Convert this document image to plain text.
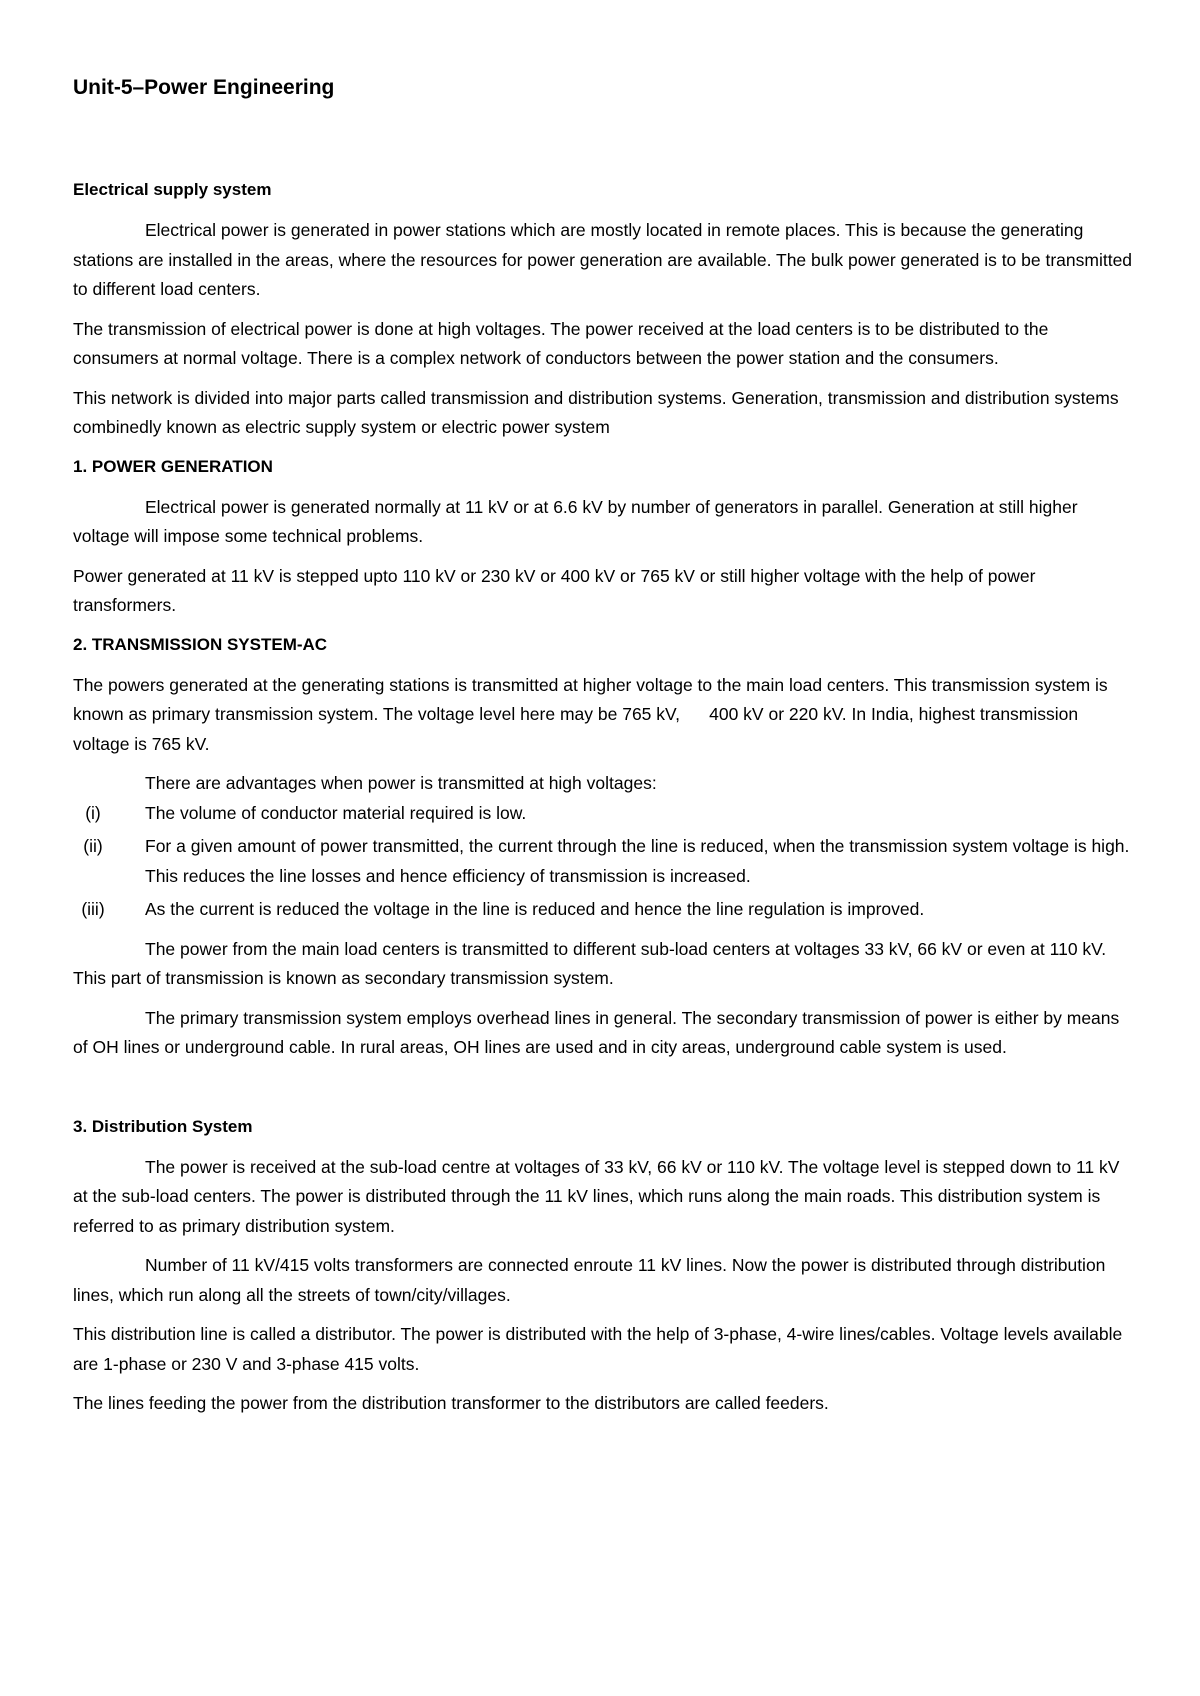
Unit-5–Power Engineering
Electrical supply system

Electrical power is generated in power stations which are mostly located in remote places. This is because the generating stations are installed in the areas, where the resources for power generation are available. The bulk power generated is to be transmitted to different load centers.

The transmission of electrical power is done at high voltages. The power received at the load centers is to be distributed to the consumers at normal voltage. There is a complex network of conductors between the power station and the consumers.

This network is divided into major parts called transmission and distribution systems. Generation, transmission and distribution systems combinedly known as electric supply system or electric power system

1. POWER GENERATION

Electrical power is generated normally at 11 kV or at 6.6 kV by number of generators in parallel. Generation at still higher voltage will impose some technical problems.

Power generated at 11 kV is stepped upto 110 kV or 230 kV or 400 kV or 765 kV or still higher voltage with the help of power transformers.

2. TRANSMISSION SYSTEM-AC

The powers generated at the generating stations is transmitted at higher voltage to the main load centers. This transmission system is known as primary transmission system. The voltage level here may be 765 kV,      400 kV or 220 kV. In India, highest transmission voltage is 765 kV.

There are advantages when power is transmitted at high voltages:

(i)	The volume of conductor material required is low.
(ii)	For a given amount of power transmitted, the current through the line is reduced, when the transmission system voltage is high. This reduces the line losses and hence efficiency of transmission is increased.
(iii)	As the current is reduced the voltage in the line is reduced and hence the line regulation is improved.

The power from the main load centers is transmitted to different sub-load centers at voltages 33 kV, 66 kV or even at 110 kV. This part of transmission is known as secondary transmission system.

The primary transmission system employs overhead lines in general. The secondary transmission of power is either by means of OH lines or underground cable. In rural areas, OH lines are used and in city areas, underground cable system is used.

3. Distribution System

The power is received at the sub-load centre at voltages of 33 kV, 66 kV or 110 kV. The voltage level is stepped down to 11 kV at the sub-load centers. The power is distributed through the 11 kV lines, which runs along the main roads. This distribution system is referred to as primary distribution system.

Number of 11 kV/415 volts transformers are connected enroute 11 kV lines. Now the power is distributed through distribution lines, which run along all the streets of town/city/villages.

This distribution line is called a distributor. The power is distributed with the help of 3-phase, 4-wire lines/cables. Voltage levels available are 1-phase or 230 V and 3-phase 415 volts.

The lines feeding the power from the distribution transformer to the distributors are called feeders.
